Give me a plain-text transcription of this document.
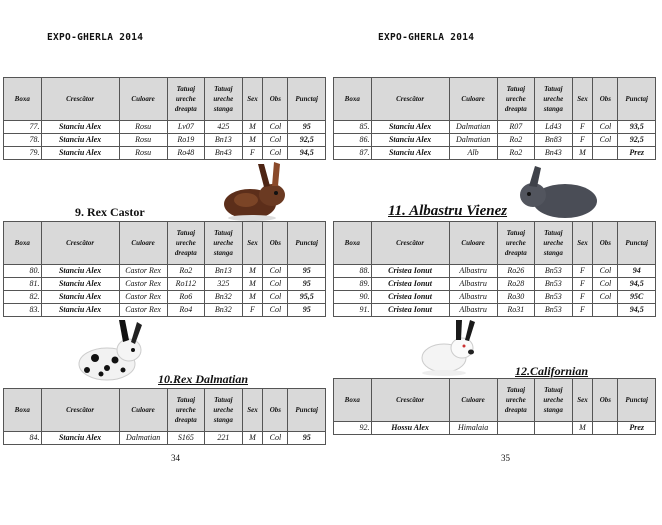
EXPO-GHERLA 2014	EXPO-GHERLA 2014
Boxa	Crescător	Culoare	Tatuaj ureche dreapta	Tatuaj ureche stanga	Sex	Obs	Punctaj
77.	Stanciu Alex	Rosu	Lv07	425	M	Col	95
78.	Stanciu Alex	Rosu	Ro19	Bn13	M	Col	92,5
79.	Stanciu Alex	Rosu	Ro48	Bn43	F	Col	94,5
Boxa	Crescător	Culoare	Tatuaj ureche dreapta	Tatuaj ureche stanga	Sex	Obs	Punctaj
80.	Stanciu Alex	Castor Rex	Ro2	Bn13	M	Col	95
81.	Stanciu Alex	Castor Rex	Ro112	325	M	Col	95
82.	Stanciu Alex	Castor Rex	Ro6	Bn32	M	Col	95,5
83.	Stanciu Alex	Castor Rex	Ro4	Bn32	F	Col	95
Boxa	Crescător	Culoare	Tatuaj ureche dreapta	Tatuaj ureche stanga	Sex	Obs	Punctaj
84.	Stanciu Alex	Dalmatian	S165	221	M	Col	95
Boxa	Crescător	Culoare	Tatuaj ureche dreapta	Tatuaj ureche stanga	Sex	Obs	Punctaj
85.	Stanciu Alex	Dalmatian	R07	Ld43	F	Col	93,5
86.	Stanciu Alex	Dalmatian	Ro2	Bn83	F	Col	92,5
87.	Stanciu Alex	Alb	Ro2	Bn43	M		Prez
Boxa	Crescător	Culoare	Tatuaj ureche dreapta	Tatuaj ureche stanga	Sex	Obs	Punctaj
88.	Cristea Ionut	Albastru	Ro26	Bn53	F	Col	94
89.	Cristea Ionut	Albastru	Ro28	Bn53	F	Col	94,5
90.	Cristea Ionut	Albastru	Ro30	Bn53	F	Col	95C
91.	Cristea Ionut	Albastru	Ro31	Bn53	F		94,5
Boxa	Crescător	Culoare	Tatuaj ureche dreapta	Tatuaj ureche stanga	Sex	Obs	Punctaj
92.	Hossu Alex	Himalaia			M		Prez
9. Rex Castor
10.Rex Dalmatian
11. Albastru Vienez
12.Californian
34	35
